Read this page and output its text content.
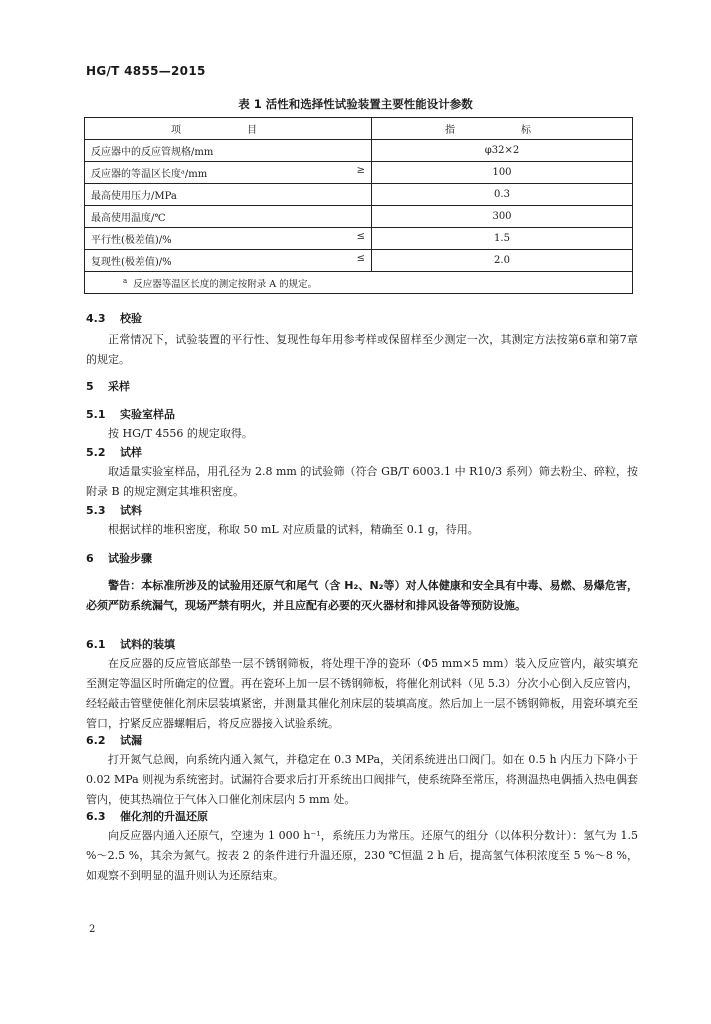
HG/T 4855—2015
表 1 活性和选择性试验装置主要性能设计参数
项　目	指　标
反应器中的反应管规格/mm	φ32×2
反应器的等温区长度ᵃ/mm ≥	100
最高使用压力/MPa	0.3
最高使用温度/℃	300
平行性(极差值)/% ≤	1.5
复现性(极差值)/% ≤	2.0
$^a$ 反应器等温区长度的测定按附录 A 的规定。	
4.3 校验
正常情况下，试验装置的平行性、复现性每年用参考样或保留样至少测定一次，其测定方法按第6章和第7章的规定。
5 采样
5.1 实验室样品
按 HG/T 4556 的规定取得。
5.2 试样
取适量实验室样品，用孔径为 2.8 mm 的试验筛（符合 GB/T 6003.1 中 R10/3 系列）筛去粉尘、碎粒，按附录 B 的规定测定其堆积密度。
5.3 试料
根据试样的堆积密度，称取 50 mL 对应质量的试料，精确至 0.1 g，待用。
6 试验步骤
警告：本标准所涉及的试验用还原气和尾气（含 H₂、N₂等）对人体健康和安全具有中毒、易燃、易爆危害，必须严防系统漏气，现场严禁有明火，并且应配有必要的灭火器材和排风设备等预防设施。
6.1 试料的装填
在反应器的反应管底部垫一层不锈钢筛板，将处理干净的瓷环（Φ5 mm×5 mm）装入反应管内，敲实填充至测定等温区时所确定的位置。再在瓷环上加一层不锈钢筛板，将催化剂试料（见 5.3）分次小心倒入反应管内，经轻敲击管壁使催化剂床层装填紧密，并测量其催化剂床层的装填高度。然后加上一层不锈钢筛板，用瓷环填充至管口，拧紧反应器螺帽后，将反应器接入试验系统。
6.2 试漏
打开氮气总阀，向系统内通入氮气，并稳定在 0.3 MPa，关闭系统进出口阀门。如在 0.5 h 内压力下降小于 0.02 MPa 则视为系统密封。试漏符合要求后打开系统出口阀排气，使系统降至常压，将测温热电偶插入热电偶套管内，使其热端位于气体入口催化剂床层内 5 mm 处。
6.3 催化剂的升温还原
向反应器内通入还原气，空速为 1 000 h⁻¹，系统压力为常压。还原气的组分（以体积分数计）：氢气为 1.5 %～2.5 %，其余为氮气。按表 2 的条件进行升温还原，230 ℃恒温 2 h 后，提高氢气体积浓度至 5 %～8 %，如观察不到明显的温升则认为还原结束。
2
